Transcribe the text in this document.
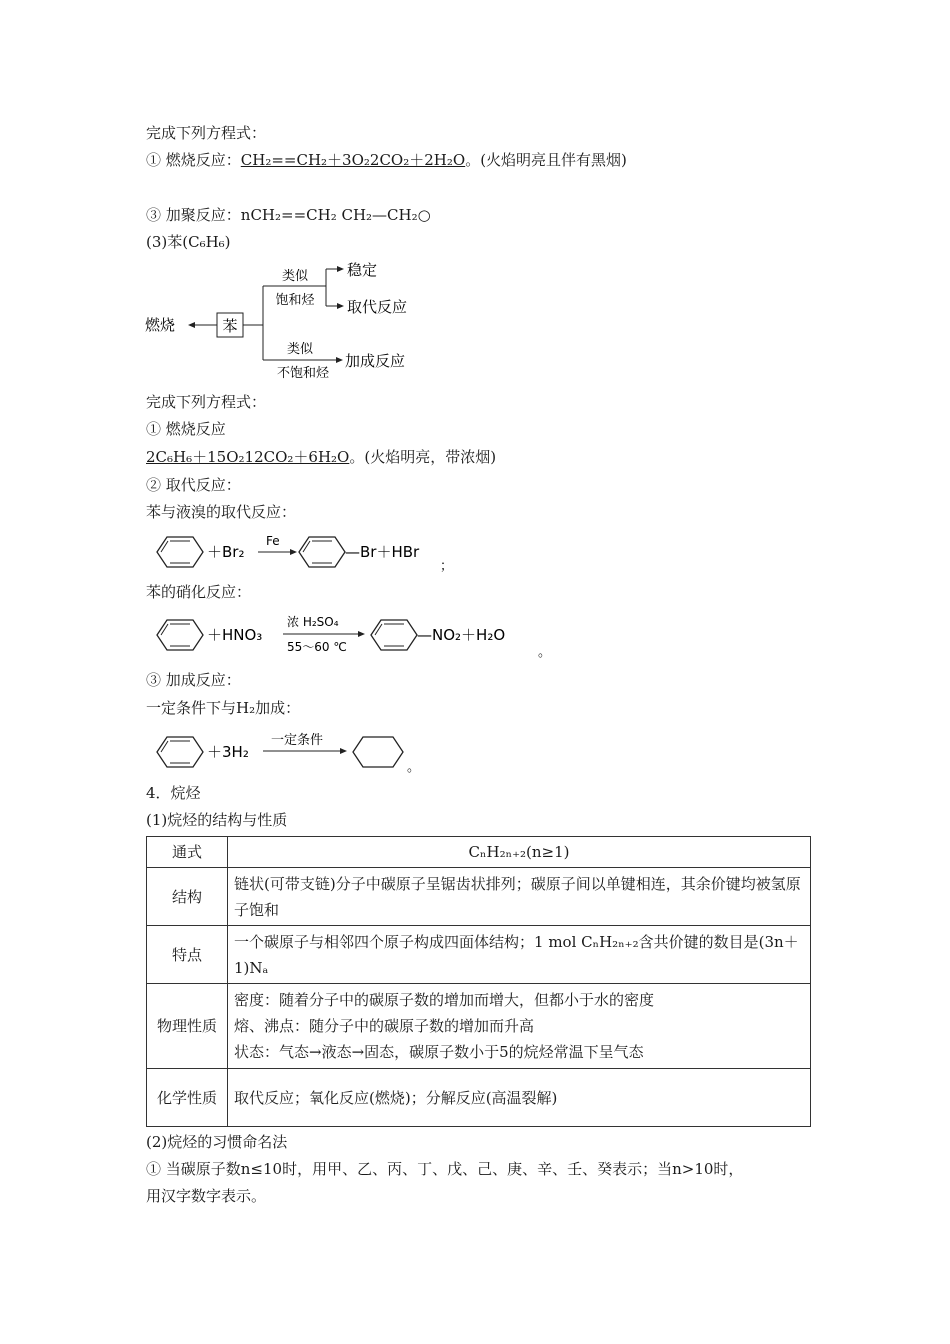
完成下列方程式：
① 燃烧反应：CH₂==CH₂＋3O₂2CO₂＋2H₂O。(火焰明亮且伴有黑烟)
③ 加聚反应：nCH₂==CH₂ CH₂—CH₂○
(3)苯(C₆H₆)
苯
燃烧
类似
饱和烃
稳定
取代反应
类似
不饱和烃
加成反应
完成下列方程式：
① 燃烧反应
2C₆H₆＋15O₂12CO₂＋6H₂O。(火焰明亮，带浓烟)
② 取代反应：
苯与液溴的取代反应：
＋Br₂
Fe
—Br＋HBr
；
苯的硝化反应：
＋HNO₃
浓 H₂SO₄
55～60 ℃
—NO₂＋H₂O
。
③ 加成反应：
一定条件下与H₂加成：
＋3H₂
一定条件
。
4．烷烃
(1)烷烃的结构与性质
通式	CₙH₂ₙ₊₂(n≥1)
结构	链状(可带支链)分子中碳原子呈锯齿状排列；碳原子间以单键相连，其余价键均被氢原子饱和
特点	一个碳原子与相邻四个原子构成四面体结构；1 mol CₙH₂ₙ₊₂含共价键的数目是(3n＋1)Nₐ
物理性质	密度：随着分子中的碳原子数的增加而增大，但都小于水的密度
熔、沸点：随分子中的碳原子数的增加而升高
状态：气态→液态→固态，碳原子数小于5的烷烃常温下呈气态

化学性质	取代反应；氧化反应(燃烧)；分解反应(高温裂解)
(2)烷烃的习惯命名法
① 当碳原子数n≤10时，用甲、乙、丙、丁、戊、己、庚、辛、壬、癸表示；当n>10时，
用汉字数字表示。
